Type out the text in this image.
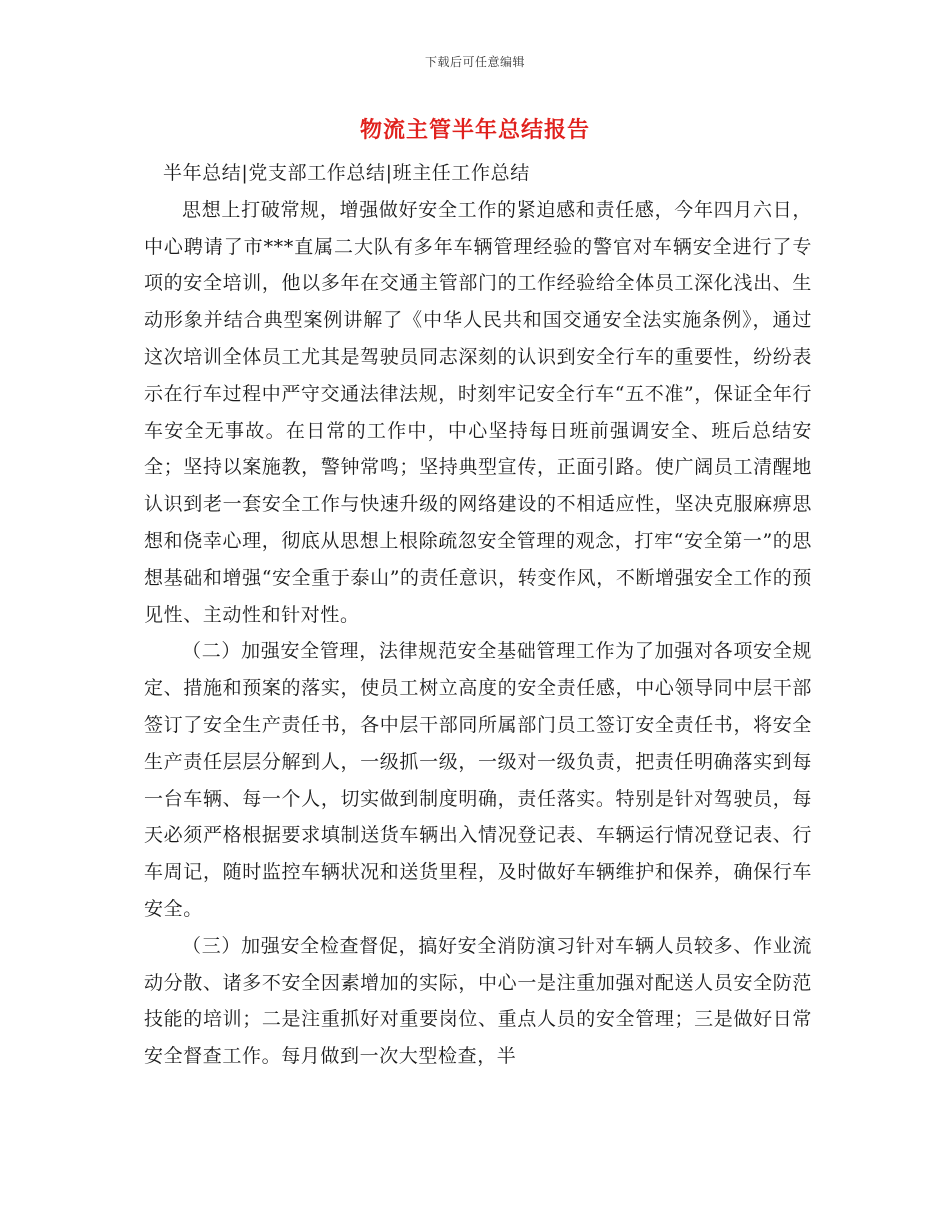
下载后可任意编辑
物流主管半年总结报告

半年总结|党支部工作总结|班主任工作总结

思想上打破常规，增强做好安全工作的紧迫感和责任感，今年四月六日，中心聘请了市***直属二大队有多年车辆管理经验的警官对车辆安全进行了专项的安全培训，他以多年在交通主管部门的工作经验给全体员工深化浅出、生动形象并结合典型案例讲解了《中华人民共和国交通安全法实施条例》，通过这次培训全体员工尤其是驾驶员同志深刻的认识到安全行车的重要性，纷纷表示在行车过程中严守交通法律法规，时刻牢记安全行车“五不准”，保证全年行车安全无事故。在日常的工作中，中心坚持每日班前强调安全、班后总结安全；坚持以案施教，警钟常鸣；坚持典型宣传，正面引路。使广阔员工清醒地认识到老一套安全工作与快速升级的网络建设的不相适应性，坚决克服麻痹思想和侥幸心理，彻底从思想上根除疏忽安全管理的观念，打牢“安全第一”的思想基础和增强“安全重于泰山”的责任意识，转变作风，不断增强安全工作的预见性、主动性和针对性。

（二）加强安全管理，法律规范安全基础管理工作为了加强对各项安全规定、措施和预案的落实，使员工树立高度的安全责任感，中心领导同中层干部签订了安全生产责任书，各中层干部同所属部门员工签订安全责任书，将安全生产责任层层分解到人，一级抓一级，一级对一级负责，把责任明确落实到每一台车辆、每一个人，切实做到制度明确，责任落实。特别是针对驾驶员，每天必须严格根据要求填制送货车辆出入情况登记表、车辆运行情况登记表、行车周记，随时监控车辆状况和送货里程，及时做好车辆维护和保养，确保行车安全。

（三）加强安全检查督促，搞好安全消防演习针对车辆人员较多、作业流动分散、诸多不安全因素增加的实际，中心一是注重加强对配送人员安全防范技能的培训；二是注重抓好对重要岗位、重点人员的安全管理；三是做好日常安全督查工作。每月做到一次大型检查，半
